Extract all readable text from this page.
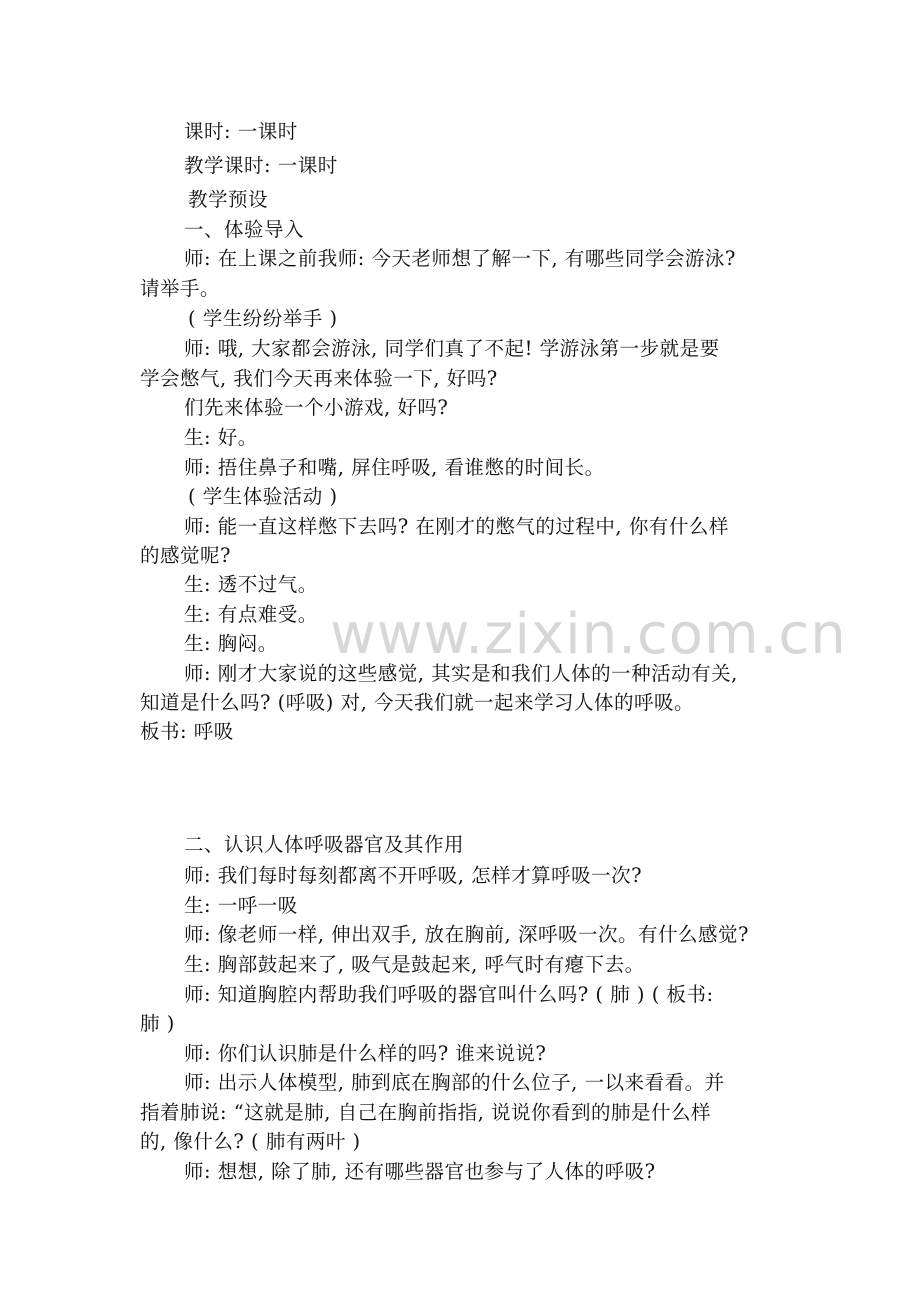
课时: 一课时
教学课时: 一课时
教学预设
一、体验导入
师: 在上课之前我师: 今天老师想了解一下, 有哪些同学会游泳?
请举手。
( 学生纷纷举手 )
师: 哦, 大家都会游泳, 同学们真了不起! 学游泳第一步就是要
学会憋气, 我们今天再来体验一下, 好吗?
们先来体验一个小游戏, 好吗?
生: 好。
师: 捂住鼻子和嘴, 屏住呼吸, 看谁憋的时间长。
( 学生体验活动 )
师: 能一直这样憋下去吗? 在刚才的憋气的过程中, 你有什么样
的感觉呢?
生: 透不过气。
生: 有点难受。
生: 胸闷。
师: 刚才大家说的这些感觉, 其实是和我们人体的一种活动有关,
知道是什么吗? (呼吸) 对, 今天我们就一起来学习人体的呼吸。
板书: 呼吸
二、认识人体呼吸器官及其作用
师: 我们每时每刻都离不开呼吸, 怎样才算呼吸一次?
生: 一呼一吸
师: 像老师一样, 伸出双手, 放在胸前, 深呼吸一次。有什么感觉?
生: 胸部鼓起来了, 吸气是鼓起来, 呼气时有瘪下去。
师: 知道胸腔内帮助我们呼吸的器官叫什么吗? ( 肺 ) ( 板书:
肺 )
师: 你们认识肺是什么样的吗? 谁来说说?
师: 出示人体模型, 肺到底在胸部的什么位子, 一以来看看。并
指着肺说: “这就是肺, 自己在胸前指指, 说说你看到的肺是什么样
的, 像什么? ( 肺有两叶 )
师: 想想, 除了肺, 还有哪些器官也参与了人体的呼吸?
www.zixin.com.cn
